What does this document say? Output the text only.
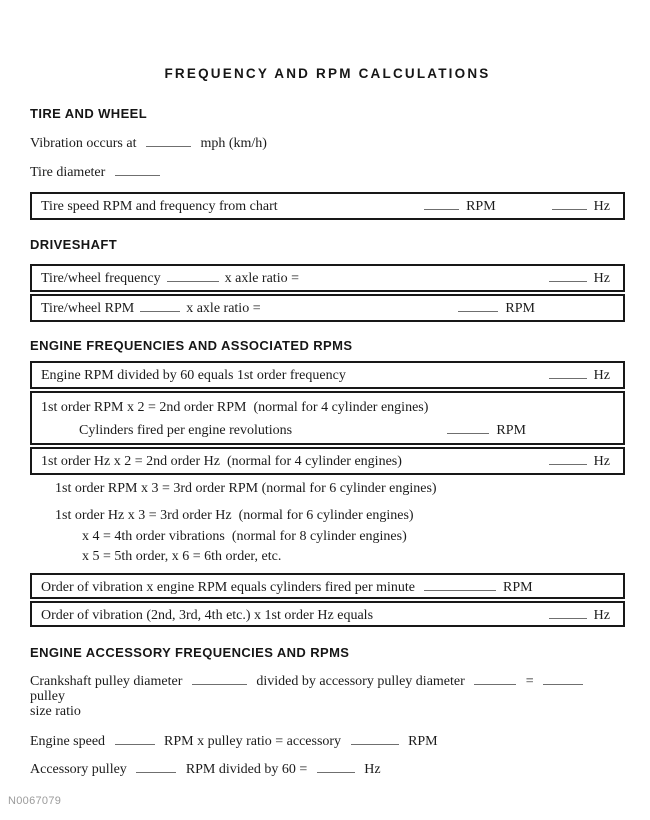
FREQUENCY AND RPM CALCULATIONS
TIRE AND WHEEL
Vibration occurs at	mph (km/h)
Tire diameter
Tire speed RPM and frequency from chart	RPM	Hz
DRIVESHAFT
Tire/wheel frequency	x axle ratio =	Hz
Tire/wheel RPM	x axle ratio =	RPM
ENGINE FREQUENCIES AND ASSOCIATED RPMS
Engine RPM divided by 60 equals 1st order frequency	Hz
1st order RPM x 2 = 2nd order RPM  (normal for 4 cylinder engines)
Cylinders fired per engine revolutions	RPM
1st order Hz x 2 = 2nd order Hz  (normal for 4 cylinder engines)	Hz
1st order RPM x 3 = 3rd order RPM (normal for 6 cylinder engines)
1st order Hz x 3 = 3rd order Hz  (normal for 6 cylinder engines)
x 4 = 4th order vibrations  (normal for 8 cylinder engines)
x 5 = 5th order, x 6 = 6th order, etc.
Order of vibration x engine RPM equals cylinders fired per minute	RPM
Order of vibration (2nd, 3rd, 4th etc.) x 1st order Hz equals	Hz
ENGINE ACCESSORY FREQUENCIES AND RPMS
Crankshaft pulley diameter	divided by accessory pulley diameter	=  pulley
size ratio
Engine speed	RPM x pulley ratio = accessory	RPM
Accessory pulley	RPM divided by 60 =	Hz
N0067079
